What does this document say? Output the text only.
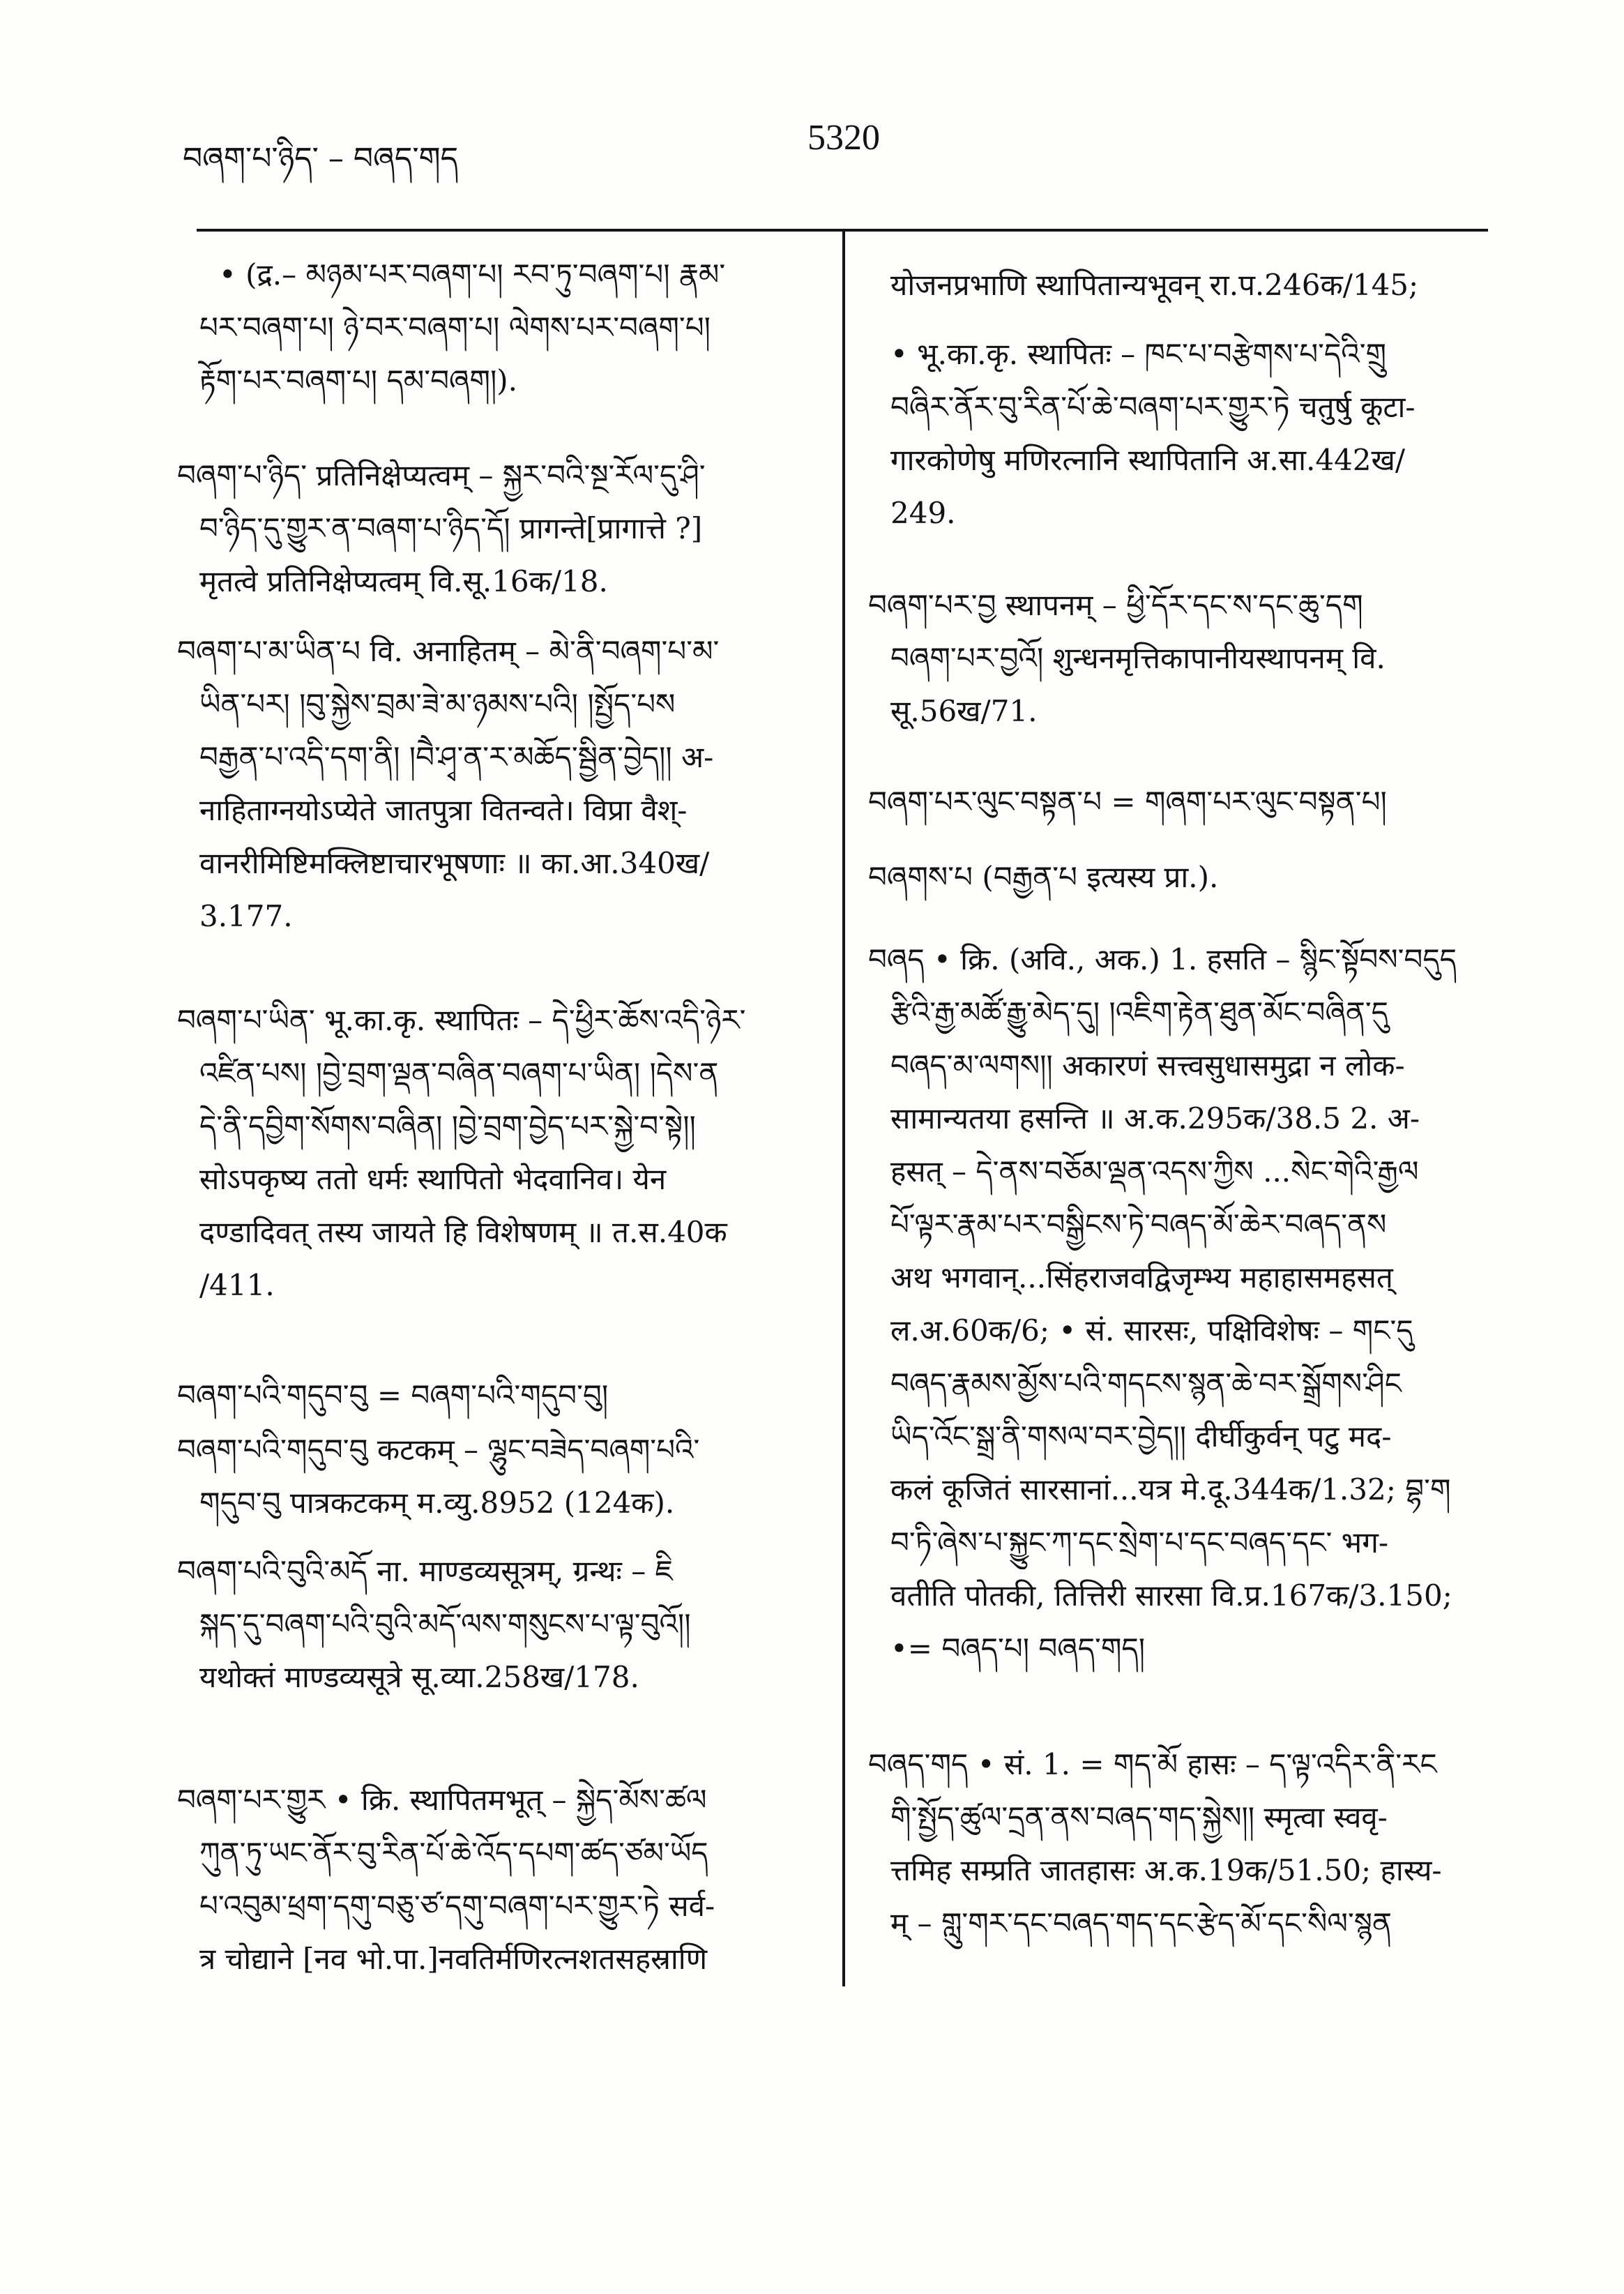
བཞག་པ་ཉིད་ – བཞད་གད
5320
• (द्र.– མཉམ་པར་བཞག་པ། རབ་ཏུ་བཞག་པ། རྣམ་
པར་བཞག་པ། ཉེ་བར་བཞག་པ། ལེགས་པར་བཞག་པ།
རྟོག་པར་བཞག་པ། དམ་བཞག།).
བཞག་པ་ཉིད་ प्रतिनिक्षेप्यत्वम् – སྐྱར་བའི་སྔ་རོལ་དུ་ཤི་
བ་ཉིད་དུ་གྱུར་ན་བཞག་པ་ཉིད་དོ། प्रागन्ते[प्रागात्ते ?]
मृतत्वे प्रतिनिक्षेप्यत्वम् वि.सू.16क/18.
བཞག་པ་མ་ཡིན་པ वि. अनाहितम् – མེ་ནི་བཞག་པ་མ་
ཡིན་པར། །བུ་སྐྱེས་བྲམ་ཟེ་མ་ཉམས་པའི། །སྤྱོད་པས
བརྒྱན་པ་འདི་དག་ནི། །བཻ་ཤྭ་ན་ར་མཆོད་སྦྱིན་བྱེད།། अ-
नाहिताग्नयोऽप्येते जातपुत्रा वितन्वते। विप्रा वैश्-
वानरीमिष्टिमक्लिष्टाचारभूषणाः ॥ का.आ.340ख/
3.177.
བཞག་པ་ཡིན་ भू.का.कृ. स्थापितः – དེ་ཕྱིར་ཆོས་འདི་ཉེར་
འཛིན་པས། །བྱེ་བྲག་ལྡན་བཞིན་བཞག་པ་ཡིན། །དེས་ན
དེ་ནི་དབྱིག་སོགས་བཞིན། །བྱེ་བྲག་བྱེད་པར་སྐྱེ་བ་སྟེ།།
सोऽपकृष्य ततो धर्मः स्थापितो भेदवानिव। येन
दण्डादिवत् तस्य जायते हि विशेषणम् ॥ त.स.40क
/411.
བཞག་པའི་གདུབ་བུ = བཞག་པའི་གདུབ་བུ།
བཞག་པའི་གདུབ་བུ कटकम् – ལྷུང་བཟེད་བཞག་པའི་
གདུབ་བུ पात्रकटकम् म.व्यु.8952 (124क).
བཞག་པའི་བུའི་མདོ ना. माण्डव्यसूत्रम्, ग्रन्थः – ཇི
སྐད་དུ་བཞག་པའི་བུའི་མདོ་ལས་གསུངས་པ་ལྟ་བུའོ།།
यथोक्तं माण्डव्यसूत्रे सू.व्या.258ख/178.
བཞག་པར་གྱུར • क्रि. स्थापितमभूत् – སྐྱེད་མོས་ཚལ
ཀུན་ཏུ་ཡང་ནོར་བུ་རིན་པོ་ཆེ་འོད་དཔག་ཚད་ཙམ་ཡོད
པ་འབུམ་ཕྲག་དགུ་བཅུ་ཙ་དགུ་བཞག་པར་གྱུར་ཏེ सर्व-
त्र चोद्याने [नव भो.पा.]नवतिर्मणिरत्नशतसहस्राणि
योजनप्रभाणि स्थापितान्यभूवन् रा.प.246क/145;
• भू.का.कृ. स्थापितः – ཁང་པ་བརྩེགས་པ་དེའི་གྲུ
བཞིར་ནོར་བུ་རིན་པོ་ཆེ་བཞག་པར་གྱུར་ཏེ चतुर्षु कूटा-
गारकोणेषु मणिरत्नानि स्थापितानि अ.सा.442ख/
249.
བཞག་པར་བྱ स्थापनम् – ཕྱི་དོར་དང་ས་དང་ཆུ་དག
བཞག་པར་བྱའོ། शुन्धनमृत्तिकापानीयस्थापनम् वि.
सू.56ख/71.
བཞག་པར་ལུང་བསྟན་པ = གཞག་པར་ལུང་བསྟན་པ།
བཞགས་པ (བརྒྱན་པ इत्यस्य प्रा.).
བཞད • क्रि. (अवि., अक.) 1. हसति – སྙིང་སྟོབས་བདུད
རྩིའི་རྒྱ་མཚོ་རྒྱུ་མེད་དུ། །འཇིག་རྟེན་ཐུན་མོང་བཞིན་དུ
བཞད་མ་ལགས།། अकारणं सत्त्वसुधासमुद्रा न लोक-
सामान्यतया हसन्ति ॥ अ.क.295क/38.5 2. अ-
हसत् – དེ་ནས་བཅོམ་ལྡན་འདས་ཀྱིས ...སེང་གེའི་རྒྱལ
པོ་ལྟར་རྣམ་པར་བསྒྱིངས་ཏེ་བཞད་མོ་ཆེར་བཞད་ནས
अथ भगवान्...सिंहराजवद्विजृम्भ्य महाहासमहसत्
ल.अ.60क/6; • सं. सारसः, पक्षिविशेषः – གང་དུ
བཞད་རྣམས་མྱོས་པའི་གདངས་སྙན་ཆེ་བར་སྒྲོགས་ཤིང
ཡིད་འོང་སྒྲ་ནི་གསལ་བར་བྱེད།། दीर्घीकुर्वन् पटु मद-
कलं कूजितं सारसानां...यत्र मे.दू.344क/1.32; བྷ་ག
བ་ཏི་ཞེས་པ་སྐྱུང་ཀ་དང་སྲེག་པ་དང་བཞད་དང་ भग-
वतीति पोतकी, तित्तिरी सारसा वि.प्र.167क/3.150;
•= བཞད་པ། བཞད་གད།
བཞད་གད • सं. 1. = གད་མོ हासः – ད་ལྟ་འདིར་ནི་རང
གི་སྤྱོད་ཚུལ་དྲན་ནས་བཞད་གད་སྐྱེས།། स्मृत्वा स्ववृ-
त्तमिह सम्प्रति जातहासः अ.क.19क/51.50; हास्य-
म् – གླུ་གར་དང་བཞད་གད་དང་རྩེད་མོ་དང་སིལ་སྙན
